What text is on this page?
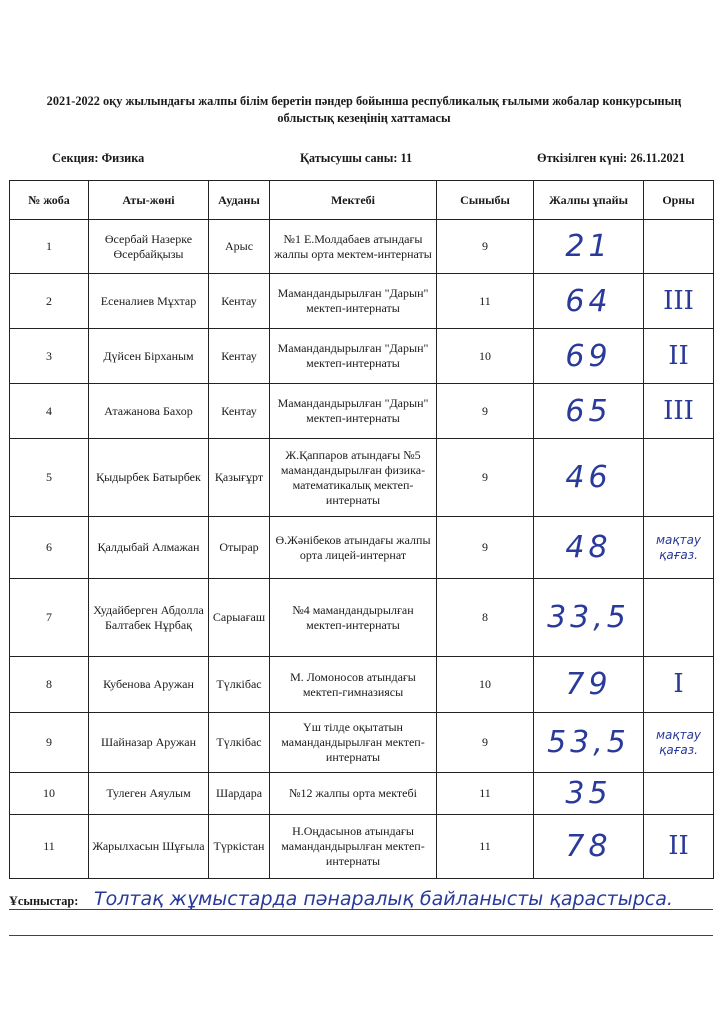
2021-2022 оқу жылындағы жалпы білім беретін пәндер бойынша республикалық ғылыми жобалар конкурсының
облыстық кезеңінің хаттамасы
Секция: Физика	Қатысушы саны: 11	Өткізілген күні: 26.11.2021
№ жоба	Аты-жөні	Ауданы	Мектебі	Сыныбы	Жалпы ұпайы	Орны
1	Өсербай Назерке Өсербайқызы	Арыс	№1 Е.Молдабаев атындағы жалпы орта мектем-интернаты	9	21	
2	Есеналиев Мұхтар	Кентау	Мамандандырылған "Дарын" мектеп-интернаты	11	64	III
3	Дүйсен Бірханым	Кентау	Мамандандырылған "Дарын" мектеп-интернаты	10	69	II
4	Атажанова Бахор	Кентау	Мамандандырылған "Дарын" мектеп-интернаты	9	65	III
5	Қыдырбек Батырбек	Қазығұрт	Ж.Қаппаров атындағы №5 мамандандырылған физика-математикалық мектеп-интернаты	9	46	
6	Қалдыбай Алмажан	Отырар	Ө.Жәнібеков атындағы жалпы орта лицей-интернат	9	48	мақтау қағаз.
7	Худайберген Абдолла Балтабек Нұрбақ	Сарыағаш	№4 мамандандырылған мектеп-интернаты	8	33,5	
8	Кубенова Аружан	Түлкібас	М. Ломоносов атындағы мектеп-гимназиясы	10	79	I
9	Шайназар Аружан	Түлкібас	Үш тілде оқытатын мамандандырылған мектеп-интернаты	9	53,5	мақтау қағаз.
10	Тулеген Аяулым	Шардара	№12 жалпы орта мектебі	11	35	
11	Жарылхасын Шұғыла	Түркістан	Н.Оңдасынов атындағы мамандандырылған мектеп-интернаты	11	78	II
Ұсыныстар: Толтақ жұмыстарда пәнаралық байланысты қарастырса.
